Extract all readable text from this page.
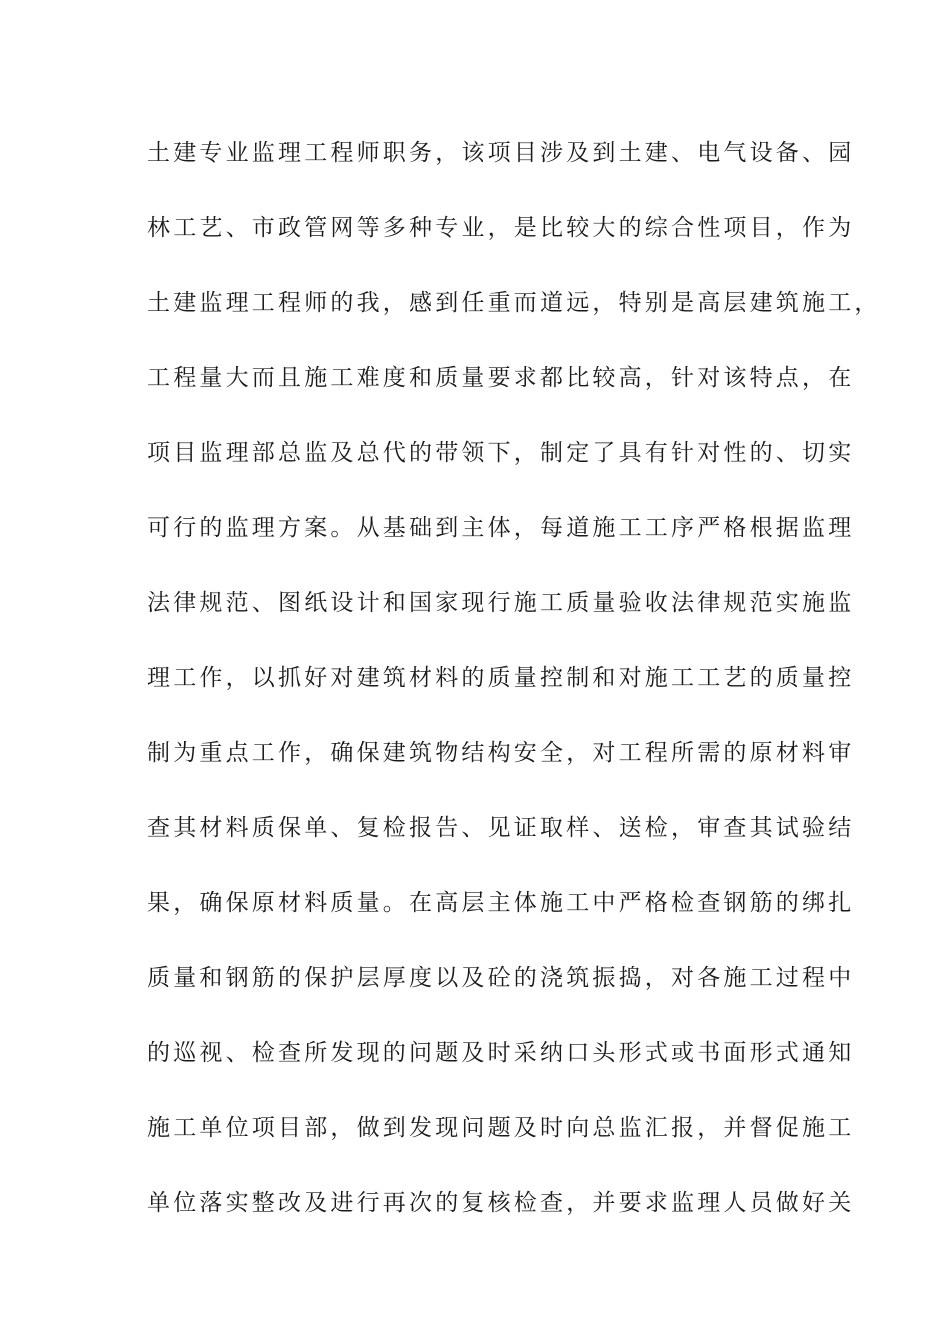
土建专业监理工程师职务，该项目涉及到土建、电气设备、园
林工艺、市政管网等多种专业，是比较大的综合性项目，作为
土建监理工程师的我，感到任重而道远，特别是高层建筑施工，
工程量大而且施工难度和质量要求都比较高，针对该特点，在
项目监理部总监及总代的带领下，制定了具有针对性的、切实
可行的监理方案。从基础到主体，每道施工工序严格根据监理
法律规范、图纸设计和国家现行施工质量验收法律规范实施监
理工作，以抓好对建筑材料的质量控制和对施工工艺的质量控
制为重点工作，确保建筑物结构安全，对工程所需的原材料审
查其材料质保单、复检报告、见证取样、送检，审查其试验结
果，确保原材料质量。在高层主体施工中严格检查钢筋的绑扎
质量和钢筋的保护层厚度以及砼的浇筑振捣，对各施工过程中
的巡视、检查所发现的问题及时采纳口头形式或书面形式通知
施工单位项目部，做到发现问题及时向总监汇报，并督促施工
单位落实整改及进行再次的复核检查，并要求监理人员做好关
